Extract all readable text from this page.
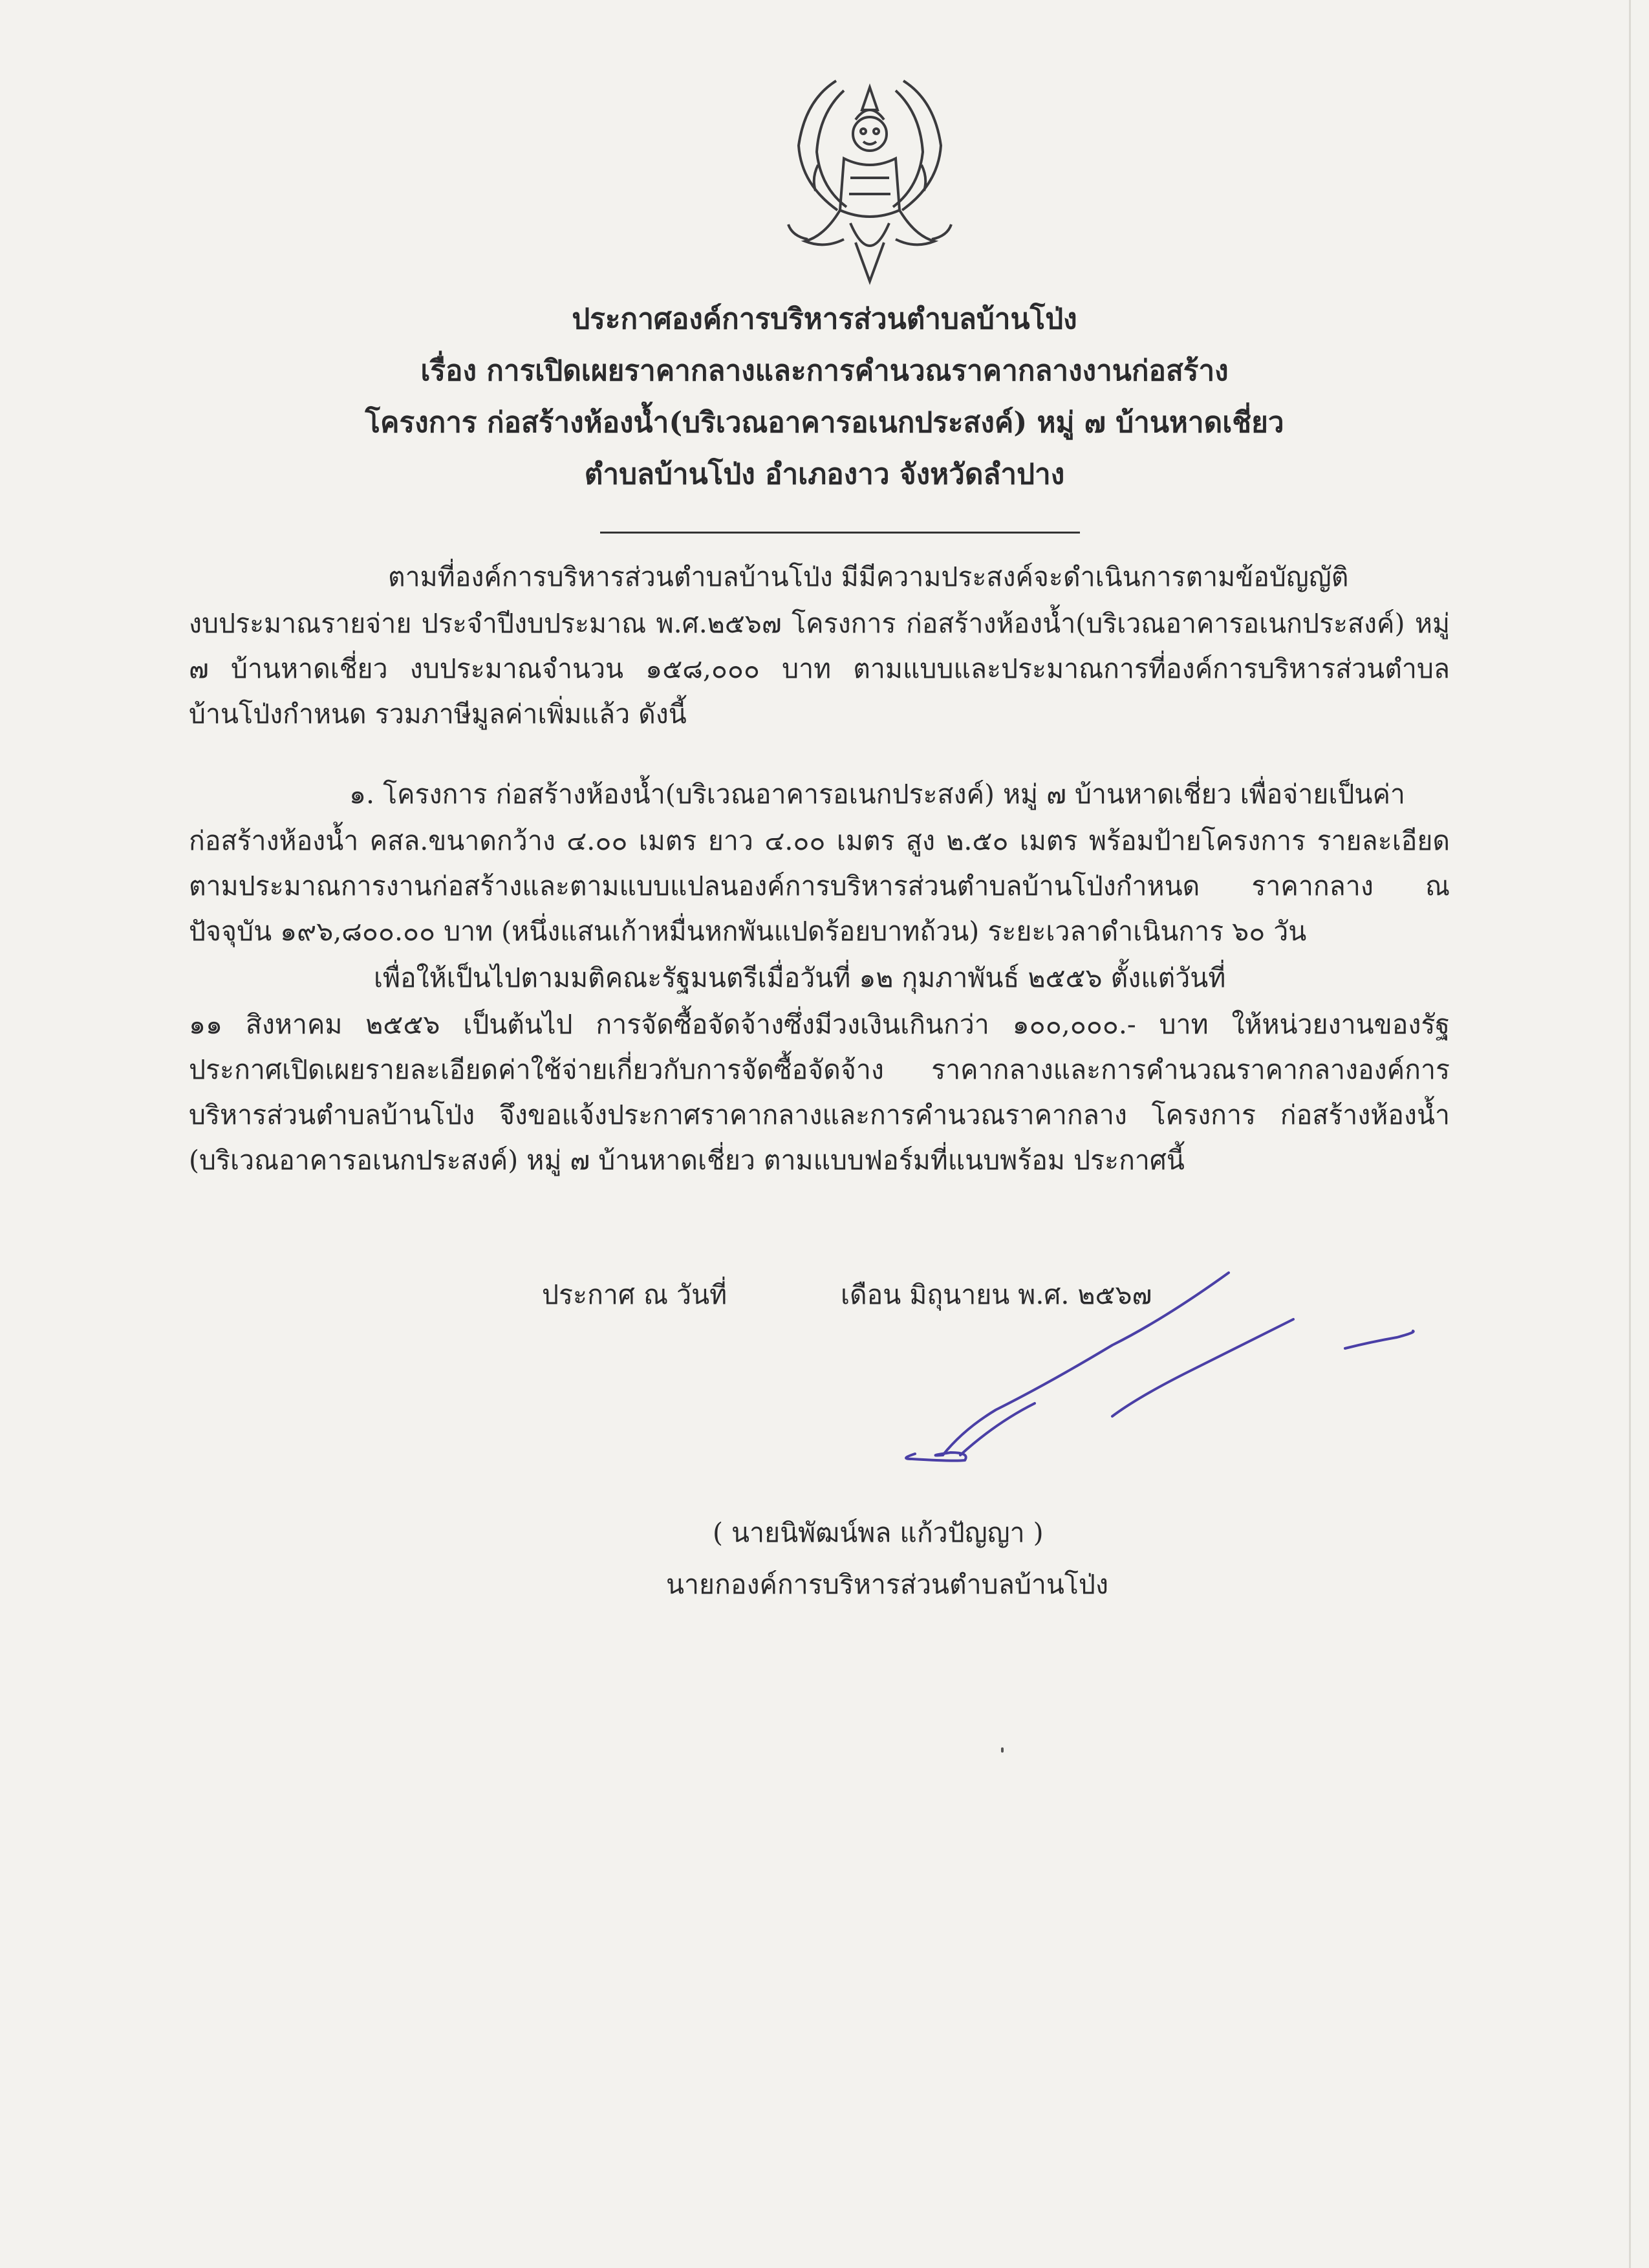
ประกาศองค์การบริหารส่วนตำบลบ้านโป่ง
เรื่อง การเปิดเผยราคากลางและการคำนวณราคากลางงานก่อสร้าง
โครงการ ก่อสร้างห้องน้ำ(บริเวณอาคารอเนกประสงค์) หมู่ ๗ บ้านหาดเชี่ยว
ตำบลบ้านโป่ง อำเภองาว จังหวัดลำปาง
ตามที่องค์การบริหารส่วนตำบลบ้านโป่ง มีมีความประสงค์จะดำเนินการตามข้อบัญญัติ
งบประมาณรายจ่าย ประจำปีงบประมาณ พ.ศ.๒๕๖๗ โครงการ ก่อสร้างห้องน้ำ(บริเวณอาคารอเนกประสงค์) หมู่
๗ บ้านหาดเชี่ยว งบประมาณจำนวน ๑๕๘,๐๐๐ บาท ตามแบบและประมาณการที่องค์การบริหารส่วนตำบล
บ้านโป่งกำหนด รวมภาษีมูลค่าเพิ่มแล้ว ดังนี้
๑. โครงการ ก่อสร้างห้องน้ำ(บริเวณอาคารอเนกประสงค์) หมู่ ๗ บ้านหาดเชี่ยว เพื่อจ่ายเป็นค่า
ก่อสร้างห้องน้ำ คสล.ขนาดกว้าง ๔.๐๐ เมตร ยาว ๔.๐๐ เมตร สูง ๒.๕๐ เมตร พร้อมป้ายโครงการ รายละเอียด
ตามประมาณการงานก่อสร้างและตามแบบแปลนองค์การบริหารส่วนตำบลบ้านโป่งกำหนด ราคากลาง ณ
ปัจจุบัน ๑๙๖,๘๐๐.๐๐ บาท (หนึ่งแสนเก้าหมื่นหกพันแปดร้อยบาทถ้วน) ระยะเวลาดำเนินการ ๖๐ วัน
เพื่อให้เป็นไปตามมติคณะรัฐมนตรีเมื่อวันที่ ๑๒ กุมภาพันธ์ ๒๕๕๖ ตั้งแต่วันที่
๑๑ สิงหาคม ๒๕๕๖ เป็นต้นไป การจัดซื้อจัดจ้างซึ่งมีวงเงินเกินกว่า ๑๐๐,๐๐๐.- บาท ให้หน่วยงานของรัฐ
ประกาศเปิดเผยรายละเอียดค่าใช้จ่ายเกี่ยวกับการจัดซื้อจัดจ้าง ราคากลางและการคำนวณราคากลางองค์การ
บริหารส่วนตำบลบ้านโป่ง จึงขอแจ้งประกาศราคากลางและการคำนวณราคากลาง โครงการ ก่อสร้างห้องน้ำ
(บริเวณอาคารอเนกประสงค์) หมู่ ๗ บ้านหาดเชี่ยว ตามแบบฟอร์มที่แนบพร้อม ประกาศนี้
ประกาศ ณ วันที่	เดือน มิถุนายน พ.ศ. ๒๕๖๗
( นายนิพัฒน์พล แก้วปัญญา )
นายกองค์การบริหารส่วนตำบลบ้านโป่ง
